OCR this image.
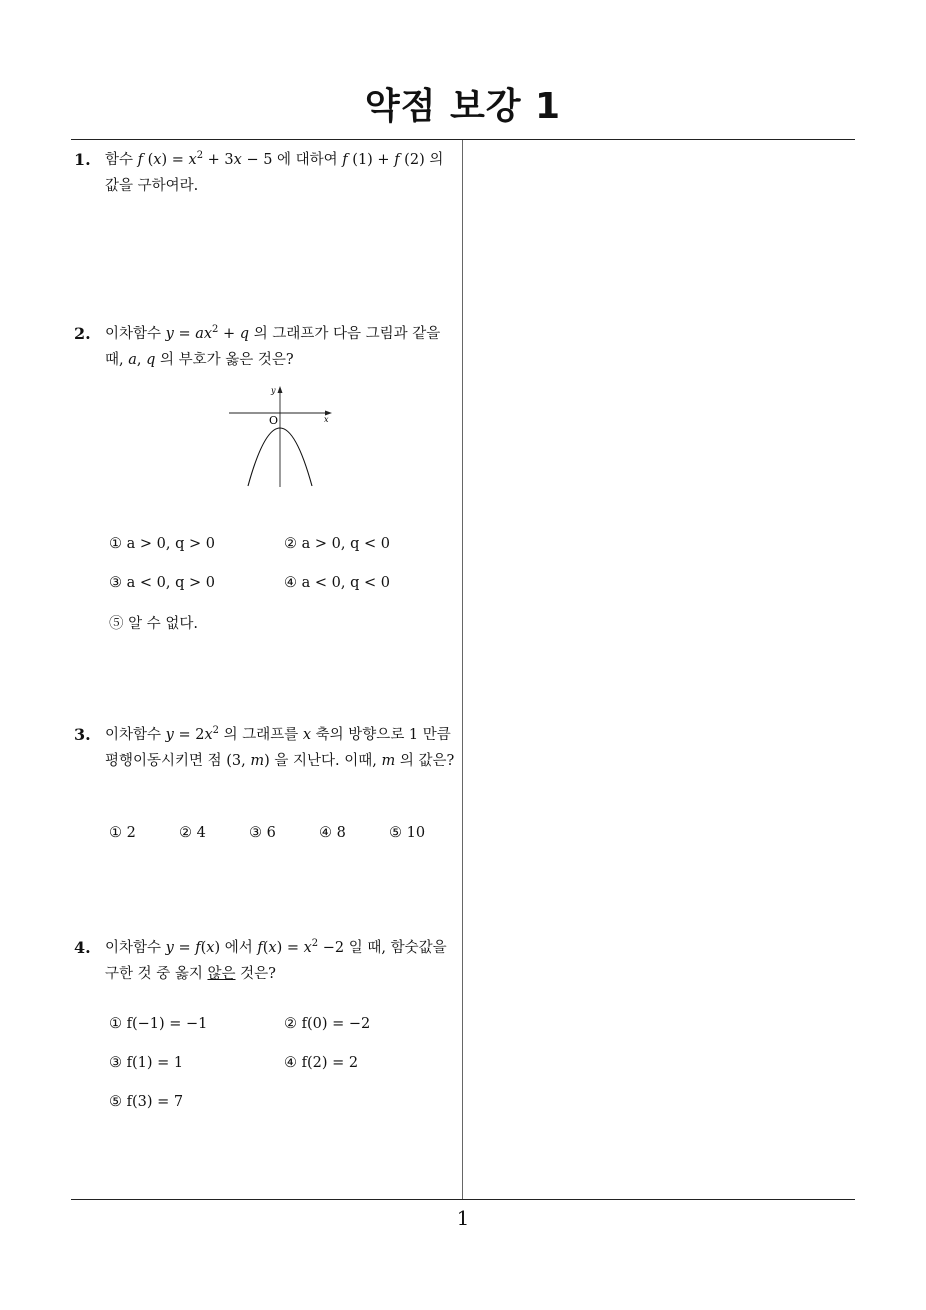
약점 보강 1
1. 함수 f $(x) = x^2 + 3x - 5$ 에 대하여 f (1) + f (2) 의 값을 구하여라.
2. 이차함수 $y = ax^2 + q$ 의 그래프가 다음 그림과 같을 때, a, q 의 부호가 옳은 것은?
y
x
O
① a > 0, q > 0	② a > 0, q < 0
③ a < 0, q > 0	④ a < 0, q < 0
⑤ 알 수 없다.
3. 이차함수 $y = 2x^2$ 의 그래프를 x 축의 방향으로 1 만큼 평행이동시키면 점 (3, m) 을 지난다. 이때, m 의 값은?
① 2	② 4	③ 6	④ 8	⑤ 10
4. 이차함수 y = f(x) 에서 $f(x) = x^2 -2$ 일 때, 함숫값을 구한 것 중 옳지 않은 것은?
① f(−1) = −1	② f(0) = −2
③ f(1) = 1	④ f(2) = 2
⑤ f(3) = 7
1
